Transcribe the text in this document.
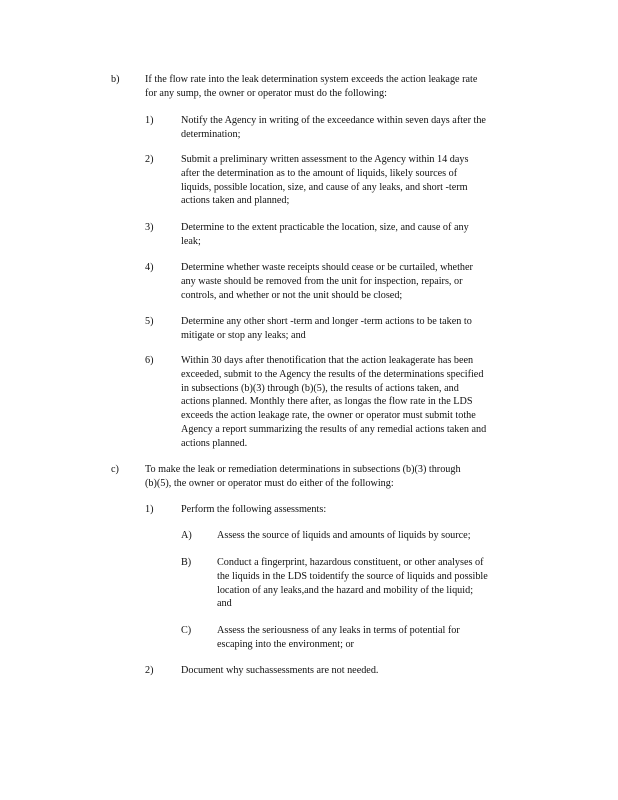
b)	If the flow rate into the leak determination system exceeds the action leakage rate
for any sump, the owner or operator must do the following:
1)	Notify the Agency in writing of the exceedance within seven days after the
determination;
2)	Submit a preliminary written assessment to the Agency within 14 days
after the determination as to the amount of liquids, likely sources of
liquids, possible location, size, and cause of any leaks, and short -term
actions taken and planned;
3)	Determine to the extent practicable the location, size, and cause of any
leak;
4)	Determine whether waste receipts should cease or be curtailed, whether
any waste should be removed from the unit for inspection, repairs, or
controls, and whether or not the unit should be closed;
5)	Determine any other short -term and longer -term actions to be taken to
mitigate or stop any leaks; and
6)	Within 30 days after thenotification that the action leakagerate has been
exceeded, submit to the Agency the results of the determinations specified
in subsections (b)(3) through (b)(5), the results of actions taken, and
actions planned. Monthly there after, as longas the flow rate in the LDS
exceeds the action leakage rate, the owner or operator must submit tothe
Agency a report summarizing the results of any remedial actions taken and
actions planned.
c)	To make the leak or remediation determinations in subsections (b)(3) through
(b)(5), the owner or operator must do either of the following:
1)	Perform the following assessments:
A) Assess the source of liquids and amounts of liquids by source;
B)	Conduct a fingerprint, hazardous constituent, or other analyses of
the liquids in the LDS toidentify the source of liquids and possible
location of any leaks,and the hazard and mobility of the liquid;
and
C)	Assess the seriousness of any leaks in terms of potential for
escaping into the environment; or
2)	Document why suchassessments are not needed.
